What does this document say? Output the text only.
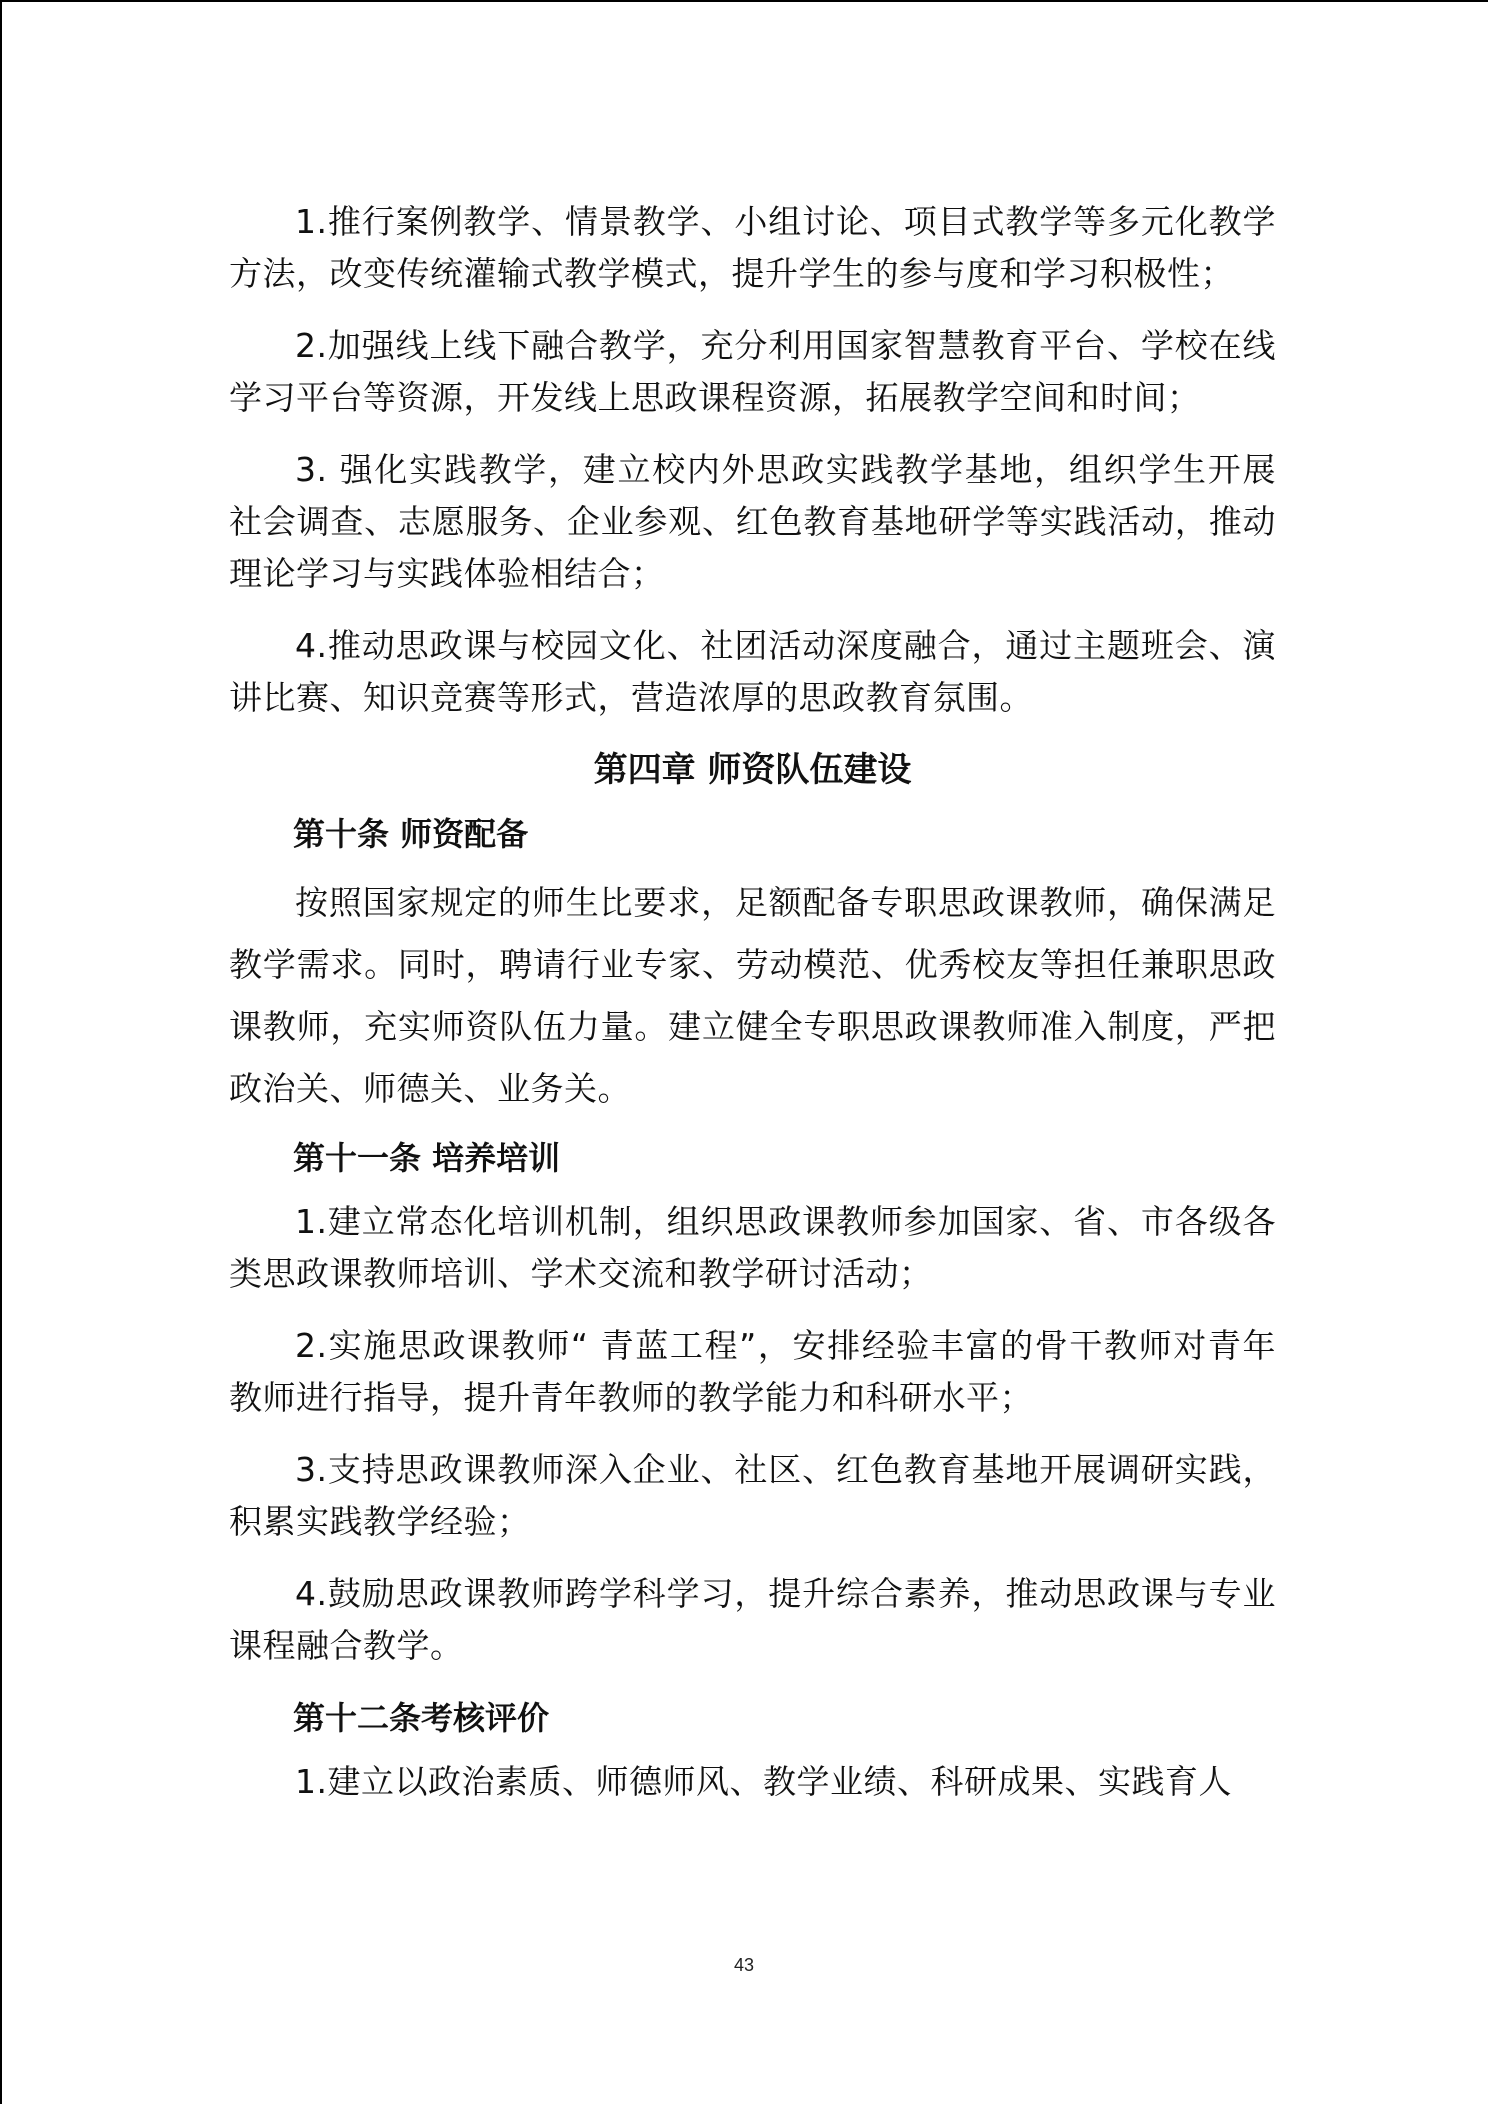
1.推行案例教学、情景教学、小组讨论、项目式教学等多元化教学方法，改变传统灌输式教学模式，提升学生的参与度和学习积极性；

2.加强线上线下融合教学，充分利用国家智慧教育平台、学校在线学习平台等资源，开发线上思政课程资源，拓展教学空间和时间；

3. 强化实践教学，建立校内外思政实践教学基地，组织学生开展社会调查、志愿服务、企业参观、红色教育基地研学等实践活动，推动理论学习与实践体验相结合；

4.推动思政课与校园文化、社团活动深度融合，通过主题班会、演讲比赛、知识竞赛等形式，营造浓厚的思政教育氛围。

第四章 师资队伍建设
第十条 师资配备

按照国家规定的师生比要求，足额配备专职思政课教师，确保满足教学需求。同时，聘请行业专家、劳动模范、优秀校友等担任兼职思政课教师，充实师资队伍力量。建立健全专职思政课教师准入制度，严把政治关、师德关、业务关。

第十一条 培养培训

1.建立常态化培训机制，组织思政课教师参加国家、省、市各级各类思政课教师培训、学术交流和教学研讨活动；

2.实施思政课教师“ 青蓝工程”，安排经验丰富的骨干教师对青年教师进行指导，提升青年教师的教学能力和科研水平；

3.支持思政课教师深入企业、社区、红色教育基地开展调研实践，积累实践教学经验；

4.鼓励思政课教师跨学科学习，提升综合素养，推动思政课与专业课程融合教学。

第十二条考核评价

1.建立以政治素质、师德师风、教学业绩、科研成果、实践育人

43
